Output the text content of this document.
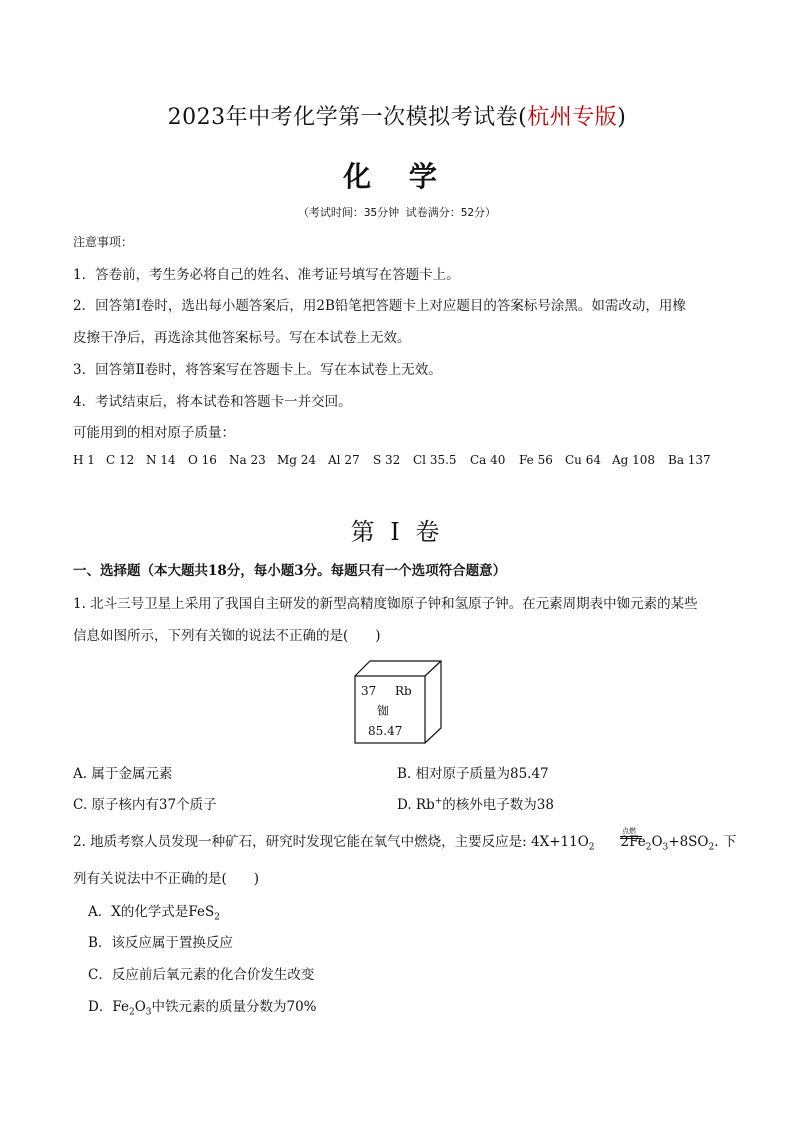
2023年中考化学第一次模拟考试卷(杭州专版)
化 学
（考试时间：35分钟 试卷满分：52分）
注意事项：
1．答卷前，考生务必将自己的姓名、准考证号填写在答题卡上。
2．回答第Ⅰ卷时，选出每小题答案后，用2B铅笔把答题卡上对应题目的答案标号涂黑。如需改动，用橡
皮擦干净后，再选涂其他答案标号。写在本试卷上无效。
3．回答第Ⅱ卷时，将答案写在答题卡上。写在本试卷上无效。
4．考试结束后，将本试卷和答题卡一并交回。
可能用到的相对原子质量：
H 1 C 12 N 14 O 16 Na 23 Mg 24 Al 27 S 32 Cl 35.5 Ca 40 Fe 56 Cu 64 Ag 108 Ba 137
第 I 卷
一、选择题（本大题共18分，每小题3分。每题只有一个选项符合题意）
1. 北斗三号卫星上采用了我国自主研发的新型高精度铷原子钟和氢原子钟。在元素周期表中铷元素的某些
信息如图所示，下列有关铷的说法不正确的是(　　)
37 Rb
铷
85.47
A. 属于金属元素	B. 相对原子质量为85.47
C. 原子核内有37个质子	D. Rb+的核外电子数为38
2. 地质考察人员发现一种矿石，研究时发现它能在氧气中燃烧，主要反应是: $4X+11O_2$ $2Fe_2O_3+8SO_2$. 下
点燃
列有关说法中不正确的是(　　)
A．X的化学式是FeS$_2$
B．该反应属于置换反应
C．反应前后氧元素的化合价发生改变
D．$Fe_2O_3$中铁元素的质量分数为70%
